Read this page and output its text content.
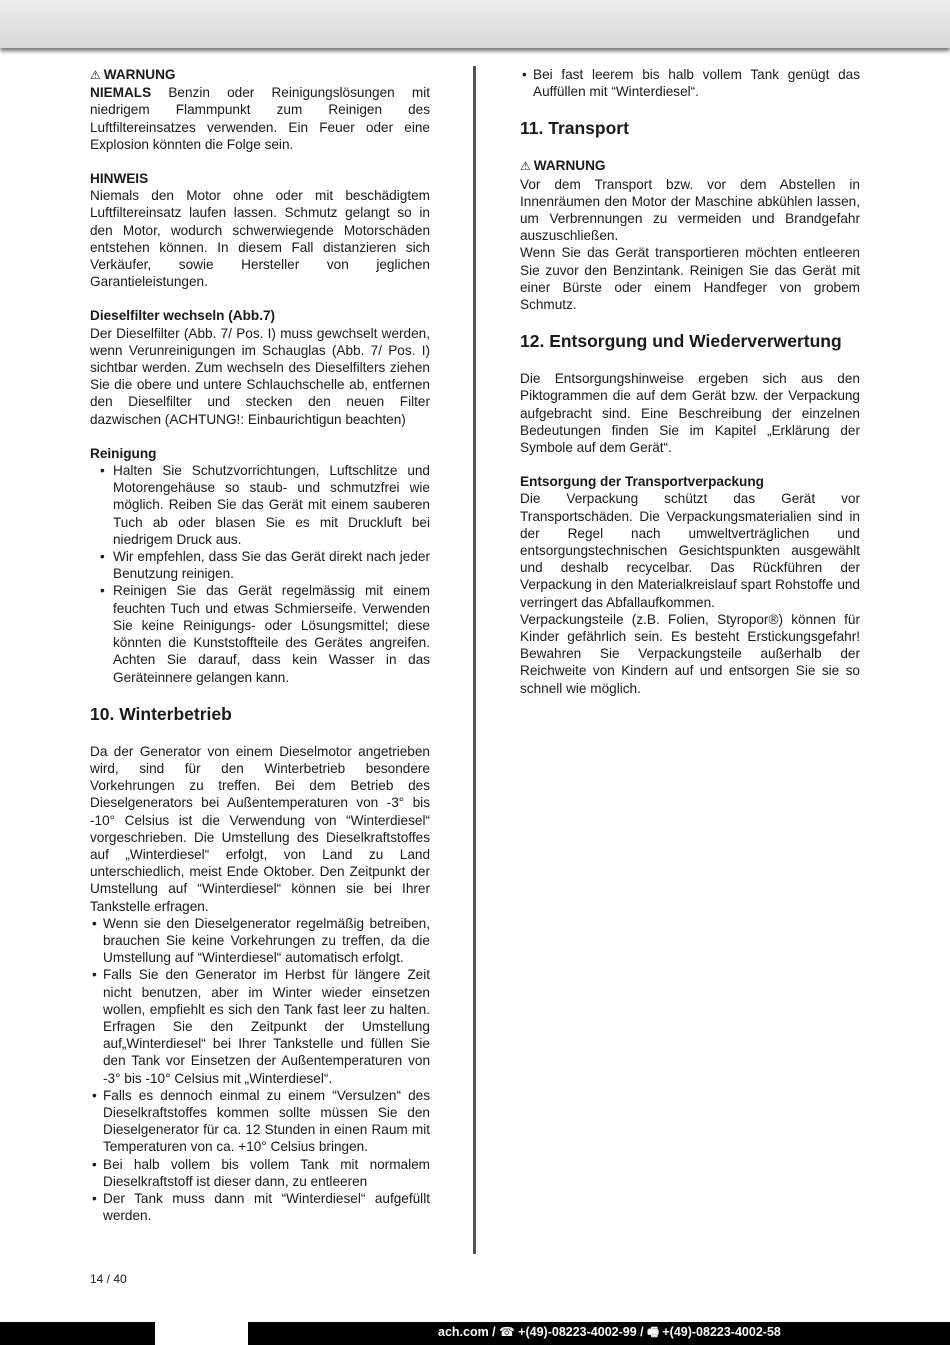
⚠ WARNUNG

NIEMALS Benzin oder Reinigungslösungen mit niedrigem Flammpunkt zum Reinigen des Luftfiltereinsatzes verwenden. Ein Feuer oder eine Explosion könnten die Folge sein.

HINWEIS

Niemals den Motor ohne oder mit beschädigtem Luftfiltereinsatz laufen lassen. Schmutz gelangt so in den Motor, wodurch schwerwiegende Motorschäden entstehen können. In diesem Fall distanzieren sich Verkäufer, sowie Hersteller von jeglichen Garantieleistungen.

Dieselfilter wechseln (Abb.7)

Der Dieselfilter (Abb. 7/ Pos. I) muss gewchselt werden, wenn Verunreinigungen im Schauglas (Abb. 7/ Pos. I) sichtbar werden. Zum wechseln des Dieselfilters ziehen Sie die obere und untere Schlauchschelle ab, entfernen den Dieselfilter und stecken den neuen Filter dazwischen (ACHTUNG!: Einbaurichtigun beachten)

Reinigung
• Halten Sie Schutzvorrichtungen, Luftschlitze und Motorengehäuse so staub- und schmutzfrei wie möglich. Reiben Sie das Gerät mit einem sauberen Tuch ab oder blasen Sie es mit Druckluft bei niedrigem Druck aus.
• Wir empfehlen, dass Sie das Gerät direkt nach jeder Benutzung reinigen.
• Reinigen Sie das Gerät regelmässig mit einem feuchten Tuch und etwas Schmierseife. Verwenden Sie keine Reinigungs- oder Lösungsmittel; diese könnten die Kunststoffteile des Gerätes angreifen. Achten Sie darauf, dass kein Wasser in das Geräteinnere gelangen kann.
10. Winterbetrieb

Da der Generator von einem Dieselmotor angetrieben wird, sind für den Winterbetrieb besondere Vorkehrungen zu treffen. Bei dem Betrieb des Dieselgenerators bei Außentemperaturen von -3° bis -10° Celsius ist die Verwendung von “Winterdiesel“ vorgeschrieben. Die Umstellung des Dieselkraftstoffes auf „Winterdiesel“ erfolgt, von Land zu Land unterschiedlich, meist Ende Oktober. Den Zeitpunkt der Umstellung auf “Winterdiesel“ können sie bei Ihrer Tankstelle erfragen.

• Wenn sie den Dieselgenerator regelmäßig betreiben, brauchen Sie keine Vorkehrungen zu treffen, da die Umstellung auf “Winterdiesel“ automatisch erfolgt.
• Falls Sie den Generator im Herbst für längere Zeit nicht benutzen, aber im Winter wieder einsetzen wollen, empfiehlt es sich den Tank fast leer zu halten. Erfragen Sie den Zeitpunkt der Umstellung auf„Winterdiesel“ bei Ihrer Tankstelle und füllen Sie den Tank vor Einsetzen der Außentemperaturen von -3° bis -10° Celsius mit „Winterdiesel“.
• Falls es dennoch einmal zu einem “Versulzen“ des Dieselkraftstoffes kommen sollte müssen Sie den Dieselgenerator für ca. 12 Stunden in einen Raum mit Temperaturen von ca. +10° Celsius bringen.
• Bei halb vollem bis vollem Tank mit normalem Dieselkraftstoff ist dieser dann, zu entleeren
• Der Tank muss dann mit “Winterdiesel“ aufgefüllt werden.
• Bei fast leerem bis halb vollem Tank genügt das Auffüllen mit “Winterdiesel“.
11. Transport
⚠ WARNUNG

Vor dem Transport bzw. vor dem Abstellen in Innenräumen den Motor der Maschine abkühlen lassen, um Verbrennungen zu vermeiden und Brandgefahr auszuschließen.

Wenn Sie das Gerät transportieren möchten entleeren Sie zuvor den Benzintank. Reinigen Sie das Gerät mit einer Bürste oder einem Handfeger von grobem Schmutz.

12. Entsorgung und Wiederverwertung

Die Entsorgungshinweise ergeben sich aus den Piktogrammen die auf dem Gerät bzw. der Verpackung aufgebracht sind. Eine Beschreibung der einzelnen Bedeutungen finden Sie im Kapitel „Erklärung der Symbole auf dem Gerät“.

Entsorgung der Transportverpackung

Die Verpackung schützt das Gerät vor Transportschäden. Die Verpackungsmaterialien sind in der Regel nach umweltverträglichen und entsorgungstechnischen Gesichtspunkten ausgewählt und deshalb recycelbar. Das Rückführen der Verpackung in den Materialkreislauf spart Rohstoffe und verringert das Abfallaufkommen.

Verpackungsteile (z.B. Folien, Styropor®) können für Kinder gefährlich sein. Es besteht Erstickungsgefahr! Bewahren Sie Verpackungsteile außerhalb der Reichweite von Kindern auf und entsorgen Sie sie so schnell wie möglich.

14 / 40
ach.com / ☎ +(49)-08223-4002-99 / 🖷 +(49)-08223-4002-58
